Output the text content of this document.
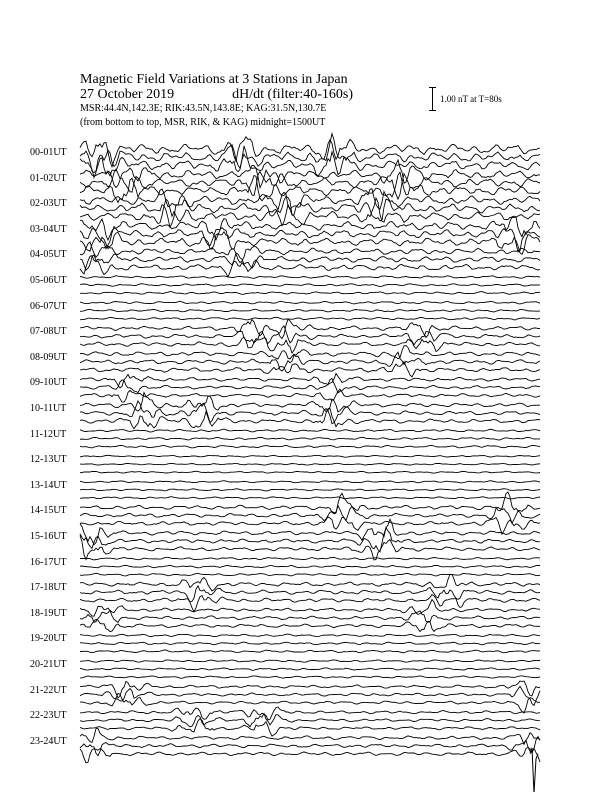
Magnetic Field Variations at 3 Stations in Japan
27 October 2019	dH/dt (filter:40-160s)
MSR:44.4N,142.3E; RIK:43.5N,143.8E; KAG:31.5N,130.7E
(from bottom to top, MSR, RIK, & KAG) midnight=1500UT
1.00 nT at T=80s
00-01UT
01-02UT
02-03UT
03-04UT
04-05UT
05-06UT
06-07UT
07-08UT
08-09UT
09-10UT
10-11UT
11-12UT
12-13UT
13-14UT
14-15UT
15-16UT
16-17UT
17-18UT
18-19UT
19-20UT
20-21UT
21-22UT
22-23UT
23-24UT
